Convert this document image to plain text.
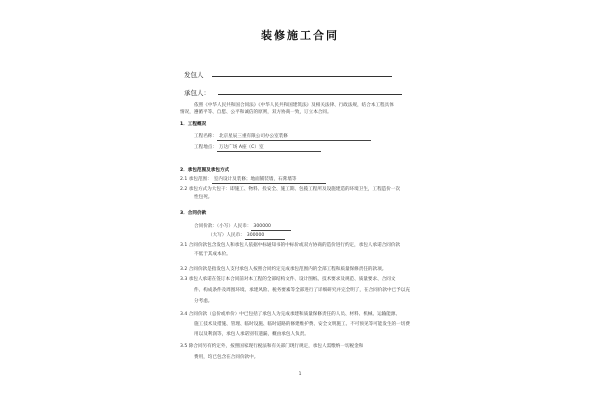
装修施工合同
发包人
承包人：
依照《中华人民共和国合同法》《中华人民共和国建筑法》及相关法律、行政法规，结合本工程具体
情况，遵循平等、自愿、公平和诚信的原则，双方协商一致，订立本合同。
1．工程概况
工程名称： 北京星辰三重有限公司办公室装修
工程地点： 万达广场 A座（C）室
2．承包范围及承包方式
2.1 承包范围： 室内设计及装修；地面铺装墙，石膏墙等
2.2 承包方式为大包干：即施工、物料、投安全、施工期、包揽工程所及设施建造的环境卫生，工程造价一次
性包死。
3．合同价款
合同价款：（小写）人民币： 300000
（大写）人民币： 300000
3.1 合同价款包含发包人和承包人依据中标通知书的中标价或双方协商的造价进行约定，承包人承诺合同价款
不低于其成本价。
3.2 合同价款是指发包人支付承包人按照合同约定完成承包范围内的全部工程和质量保修责任的款项。
3.3 承包人承诺在签订本合同前对本工程的全部结构文件、设计图纸、技术要求及规范、质量要求、合同文
件、构成条件及周围环境、承建风险、税务要素等全部进行了详细研究并完全明了，在合同价款中已予以充
分考虑。
3.4 合同价款（总价或单价）中已包括了承包人为完成承建和质量保修责任的人员、材料、机械、运输能源、
施工技术及措施、管理、临时设施、临时道路的修建维护费、安全文明施工、不可预见等可能发生的一切费
用以及利润等，承包人承诺别有遗漏，概由承包人负责。
3.5 除合同另有约定外，按照国家现行税法和有关部门现行规定，承包人需缴纳一切税金和
费用，均已包含在合同价款中。
1
